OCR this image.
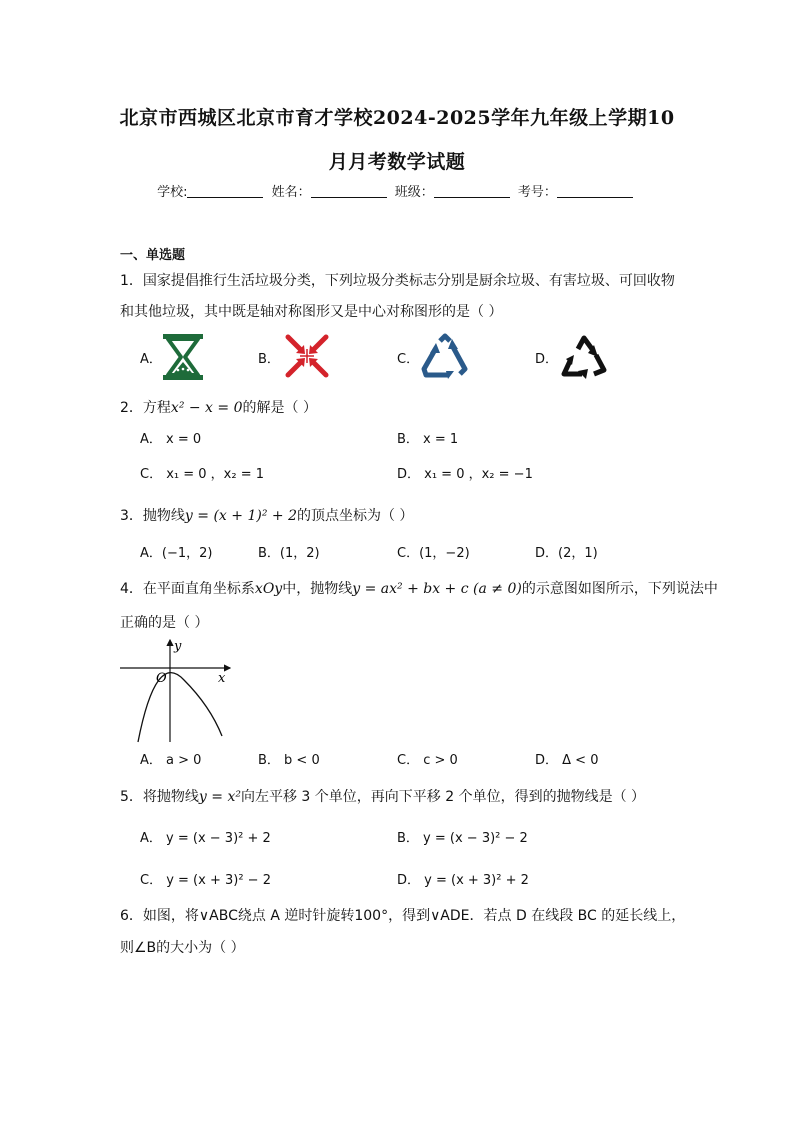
北京市西城区北京市育才学校2024-2025学年九年级上学期10
月月考数学试题
学校:	姓名：	班级：	考号：
一、单选题
1．国家提倡推行生活垃圾分类，下列垃圾分类标志分别是厨余垃圾、有害垃圾、可回收物
和其他垃圾，其中既是轴对称图形又是中心对称图形的是（ ）
A．	B．	C．	D．
2．方程x² − x = 0的解是（ ）
A． x = 0	B． x = 1
C． x₁ = 0 ，x₂ = 1	D． x₁ = 0 ，x₂ = −1
3．抛物线y = (x + 1)² + 2的顶点坐标为（ ）
A．(−1，2)	B．(1，2)	C．(1，−2)	D．(2，1)
4．在平面直角坐标系xOy中，抛物线y = ax² + bx + c (a ≠ 0)的示意图如图所示，下列说法中
正确的是（ ）
y
x
O
A． a > 0	B． b < 0	C． c > 0	D． Δ < 0
5．将抛物线y = x²向左平移 3 个单位，再向下平移 2 个单位，得到的抛物线是（ ）
A． y = (x − 3)² + 2	B． y = (x − 3)² − 2
C． y = (x + 3)² − 2	D． y = (x + 3)² + 2
6．如图，将∨ABC绕点 A 逆时针旋转100°，得到∨ADE．若点 D 在线段 BC 的延长线上，
则∠B的大小为（ ）
